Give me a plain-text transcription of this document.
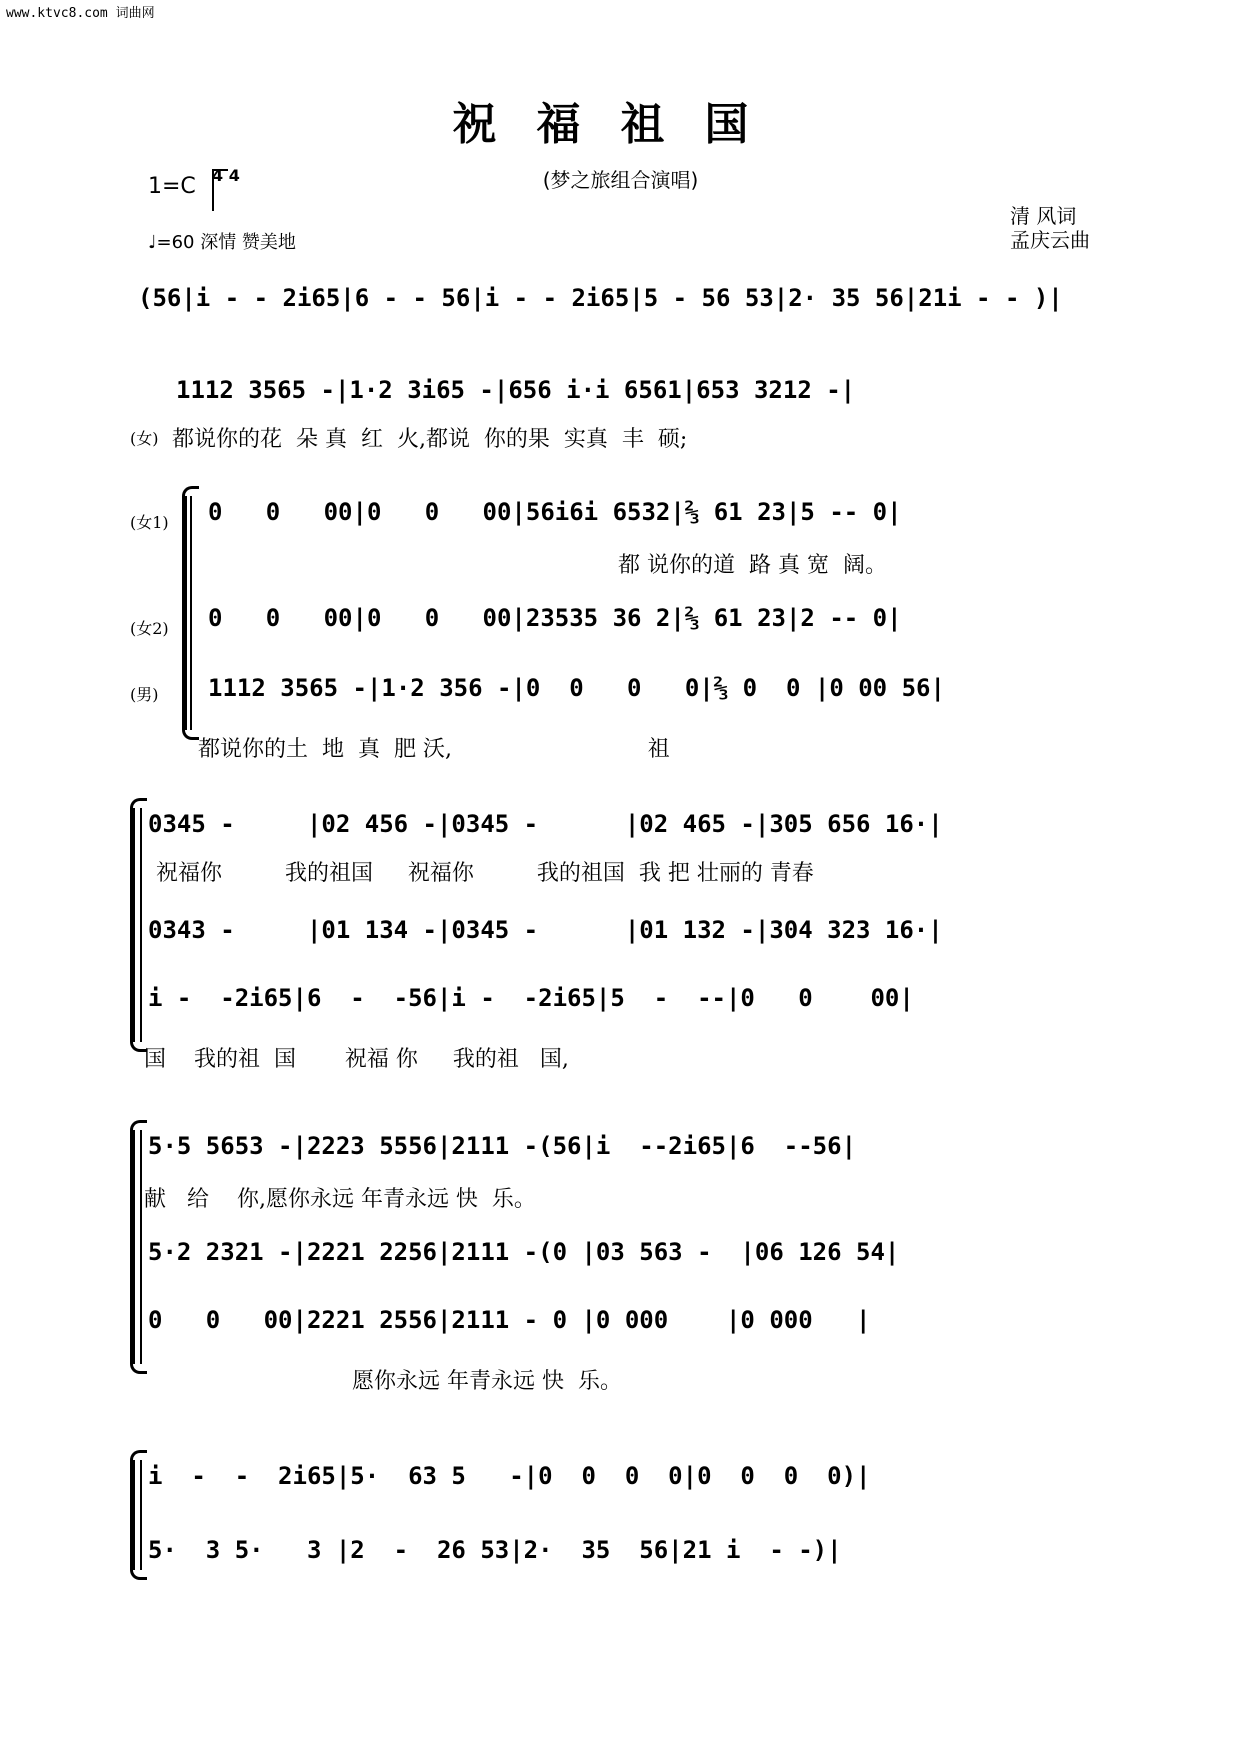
www.ktvc8.com 词曲网
祝福祖国
(梦之旅组合演唱)
1=C 4 4
♩=60 深情 赞美地
清 风词
孟庆云曲
(56|i - - 2i65|6 - - 56|i - - 2i65|5 - 56 53|2· 35 56|21i - - )|
1112 3565 -|1·2 3i65 -|656 i·i 6561|653 3212 -|
(女) 都说你的花  朵 真  红  火,都说  你的果  实真  丰  硕;
(女1) 0   0   00|0   0   00|56i6i 6532|⅔ 61 23|5 -- 0|
都 说你的道  路 真 宽  阔。
(女2) 0   0   00|0   0   00|23535 36 2|⅔ 61 23|2 -- 0|
(男) 1112 3565 -|1·2 356 -|0  0   0   0|⅔ 0  0 |0 00 56|
都说你的土  地  真  肥 沃,                            祖
0345 -     |02 456 -|0345 -      |02 465 -|305 656 16·|
祝福你         我的祖国     祝福你         我的祖国  我 把 壮丽的 青春
0343 -     |01 134 -|0345 -      |01 132 -|304 323 16·|
i -  -2i65|6  -  -56|i -  -2i65|5  -  --|0   0    00|
国    我的祖  国       祝福 你     我的祖   国,
5·5 5653 -|2223 5556|2111 -(56|i  --2i65|6  --56|
献   给    你,愿你永远 年青永远 快  乐。
5·2 2321 -|2221 2256|2111 -(0 |03 563 -  |06 126 54|
0   0   00|2221 2556|2111 - 0 |0 000    |0 000   |
愿你永远 年青永远 快  乐。
i  -  -  2i65|5·  63 5   -|0  0  0  0|0  0  0  0)|
5·  3 5·   3 |2  -  26 53|2·  35  56|21 i  - -)|
